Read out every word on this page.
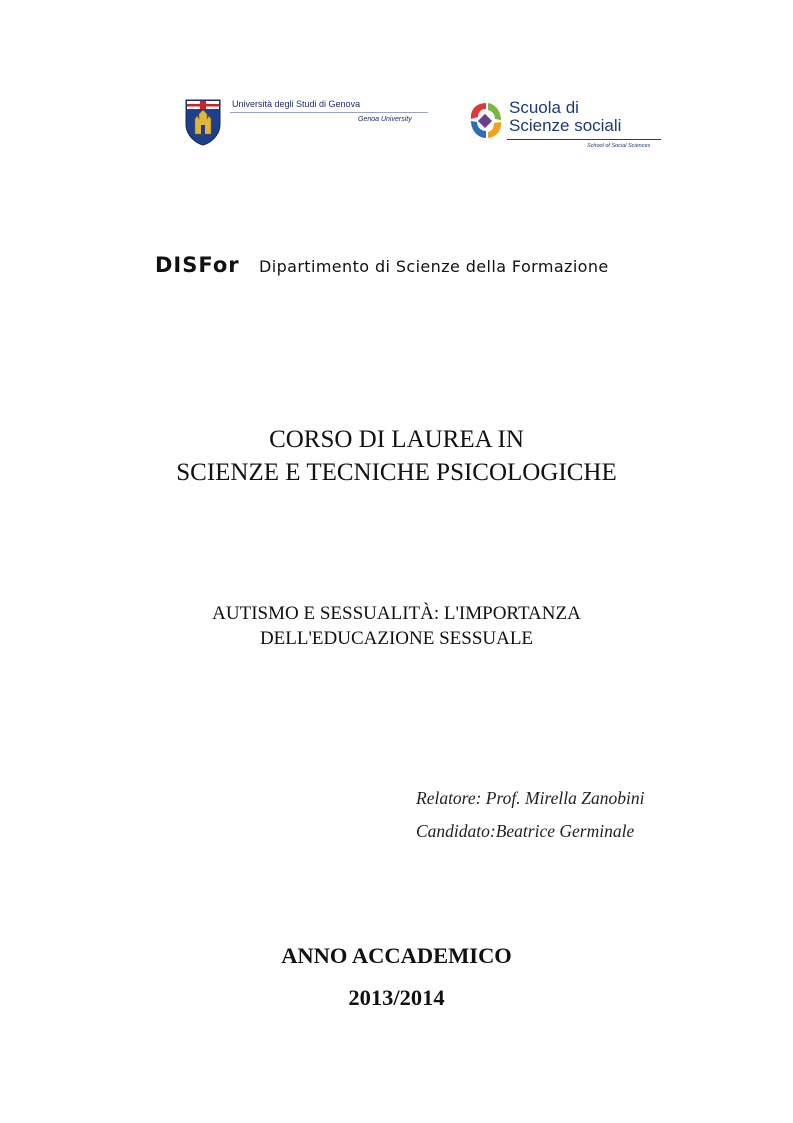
Università degli Studi di Genova
Genoa University
Scuola di
Scienze sociali
School of Social Sciences
DISFor Dipartimento di Scienze della Formazione
CORSO DI LAUREA IN
SCIENZE E TECNICHE PSICOLOGICHE
AUTISMO E SESSUALITÀ: L'IMPORTANZA
DELL'EDUCAZIONE SESSUALE
Relatore: Prof. Mirella Zanobini
Candidato:Beatrice Germinale
ANNO ACCADEMICO
2013/2014
